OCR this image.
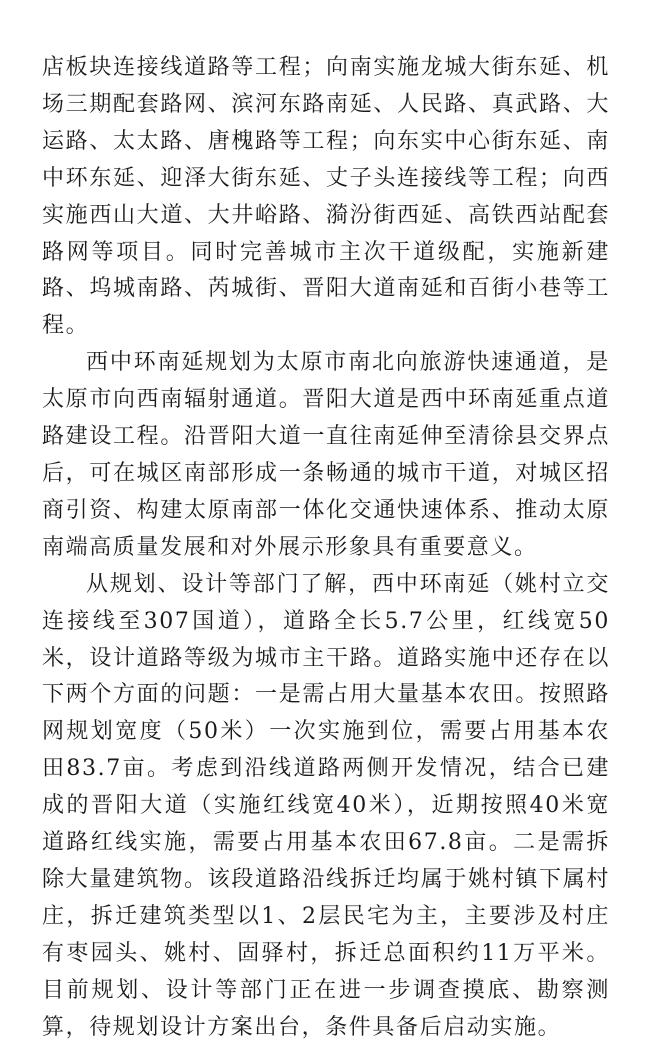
店板块连接线道路等工程；向南实施龙城大街东延、机场三期配套路网、滨河东路南延、人民路、真武路、大运路、太太路、唐槐路等工程；向东实中心街东延、南中环东延、迎泽大街东延、丈子头连接线等工程；向西实施西山大道、大井峪路、漪汾街西延、高铁西站配套路网等项目。同时完善城市主次干道级配，实施新建路、坞城南路、芮城街、晋阳大道南延和百街小巷等工程。

西中环南延规划为太原市南北向旅游快速通道，是太原市向西南辐射通道。晋阳大道是西中环南延重点道路建设工程。沿晋阳大道一直往南延伸至清徐县交界点后，可在城区南部形成一条畅通的城市干道，对城区招商引资、构建太原南部一体化交通快速体系、推动太原南端高质量发展和对外展示形象具有重要意义。

从规划、设计等部门了解，西中环南延（姚村立交连接线至307国道），道路全长5.7公里，红线宽50米，设计道路等级为城市主干路。道路实施中还存在以下两个方面的问题：一是需占用大量基本农田。按照路网规划宽度（50米）一次实施到位，需要占用基本农田83.7亩。考虑到沿线道路两侧开发情况，结合已建成的晋阳大道（实施红线宽40米），近期按照40米宽道路红线实施，需要占用基本农田67.8亩。二是需拆除大量建筑物。该段道路沿线拆迁均属于姚村镇下属村庄，拆迁建筑类型以1、2层民宅为主，主要涉及村庄有枣园头、姚村、固驿村，拆迁总面积约11万平米。目前规划、设计等部门正在进一步调查摸底、勘察测算，待规划设计方案出台，条件具备后启动实施。
